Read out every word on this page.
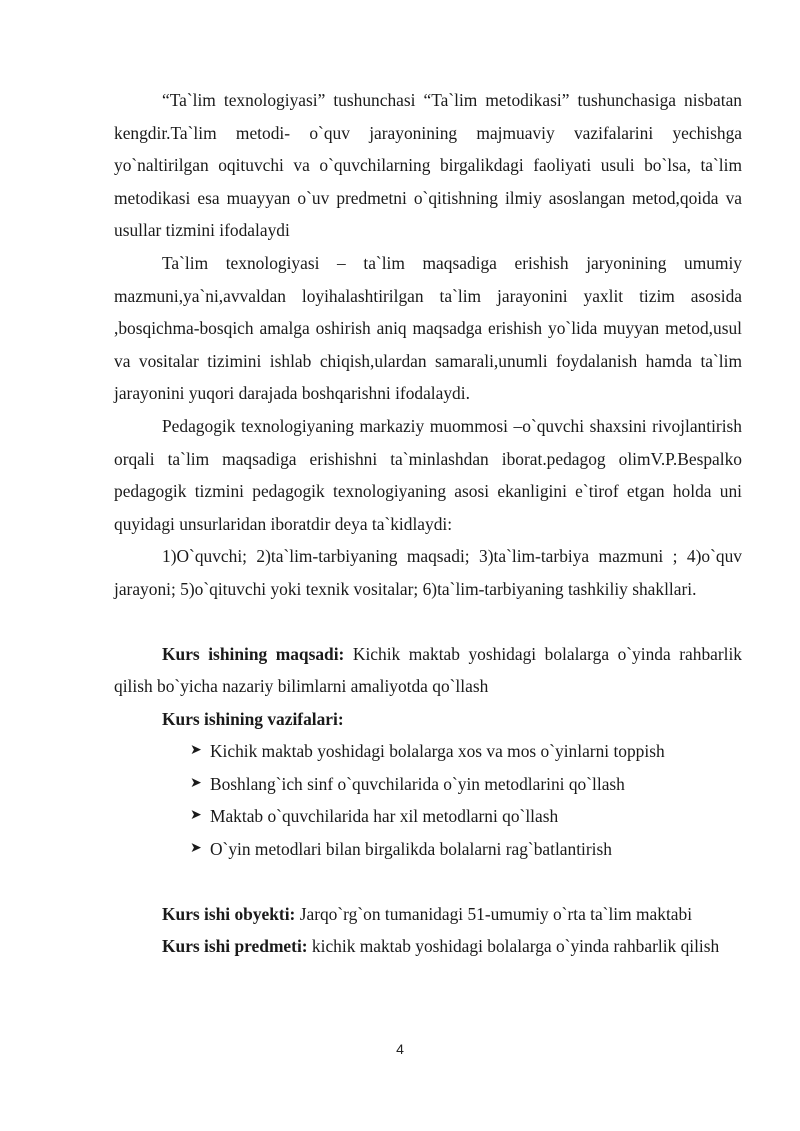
“Ta`lim texnologiyasi” tushunchasi “Ta`lim metodikasi” tushunchasiga nisbatan kengdir.Ta`lim metodi- o`quv jarayonining majmuaviy vazifalarini yechishga yo`naltirilgan oqituvchi va o`quvchilarning birgalikdagi faoliyati usuli bo`lsa, ta`lim metodikasi esa muayyan o`uv predmetni o`qitishning ilmiy asoslangan metod,qoida va usullar tizmini ifodalaydi

Ta`lim texnologiyasi – ta`lim maqsadiga erishish jaryonining umumiy mazmuni,ya`ni,avvaldan loyihalashtirilgan ta`lim jarayonini yaxlit tizim asosida ,bosqichma-bosqich amalga oshirish aniq maqsadga erishish yo`lida muyyan metod,usul va vositalar tizimini ishlab chiqish,ulardan samarali,unumli foydalanish hamda ta`lim jarayonini yuqori darajada boshqarishni ifodalaydi.

Pedagogik texnologiyaning markaziy muommosi –o`quvchi shaxsini rivojlantirish orqali ta`lim maqsadiga erishishni ta`minlashdan iborat.pedagog olimV.P.Bespalko pedagogik tizmini pedagogik texnologiyaning asosi ekanligini e`tirof etgan holda uni quyidagi unsurlaridan iboratdir deya ta`kidlaydi:

1)O`quvchi; 2)ta`lim-tarbiyaning maqsadi; 3)ta`lim-tarbiya mazmuni ; 4)o`quv jarayoni; 5)o`qituvchi yoki texnik vositalar; 6)ta`lim-tarbiyaning tashkiliy shakllari.

Kurs ishining maqsadi: Kichik maktab yoshidagi bolalarga o`yinda rahbarlik qilish bo`yicha nazariy bilimlarni amaliyotda qo`llash

Kurs ishining vazifalari:

➤ Kichik maktab yoshidagi bolalarga xos va mos o`yinlarni toppish
➤ Boshlang`ich sinf o`quvchilarida o`yin metodlarini qo`llash
➤ Maktab o`quvchilarida har xil metodlarni qo`llash
➤ O`yin metodlari bilan birgalikda bolalarni rag`batlantirish

Kurs ishi obyekti: Jarqo`rg`on tumanidagi 51-umumiy o`rta ta`lim maktabi

Kurs ishi predmeti: kichik maktab yoshidagi bolalarga o`yinda rahbarlik qilish

4
